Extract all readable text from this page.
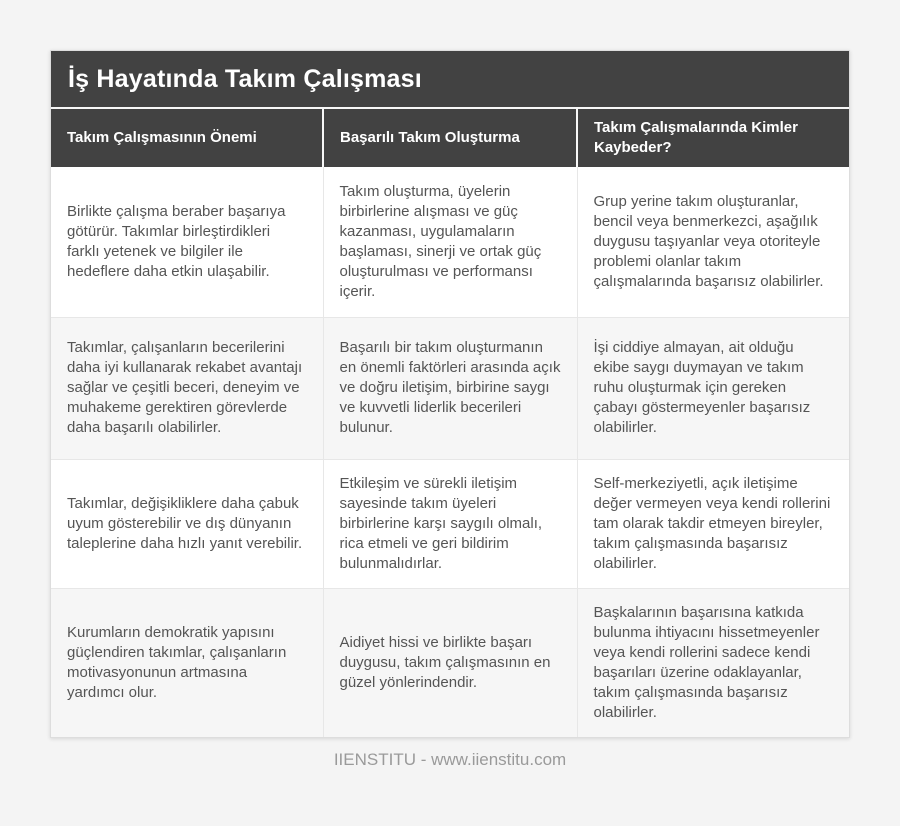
İş Hayatında Takım Çalışması
Takım Çalışmasının Önemi	Başarılı Takım Oluşturma	Takım Çalışmalarında Kimler Kaybeder?
Birlikte çalışma beraber başarıya götürür. Takımlar birleştirdikleri farklı yetenek ve bilgiler ile hedeflere daha etkin ulaşabilir.	Takım oluşturma, üyelerin birbirlerine alışması ve güç kazanması, uygulamaların başlaması, sinerji ve ortak güç oluşturulması ve performansı içerir.	Grup yerine takım oluşturanlar, bencil veya benmerkezci, aşağılık duygusu taşıyanlar veya otoriteyle problemi olanlar takım çalışmalarında başarısız olabilirler.
Takımlar, çalışanların becerilerini daha iyi kullanarak rekabet avantajı sağlar ve çeşitli beceri, deneyim ve muhakeme gerektiren görevlerde daha başarılı olabilirler.	Başarılı bir takım oluşturmanın en önemli faktörleri arasında açık ve doğru iletişim, birbirine saygı ve kuvvetli liderlik becerileri bulunur.	İşi ciddiye almayan, ait olduğu ekibe saygı duymayan ve takım ruhu oluşturmak için gereken çabayı göstermeyenler başarısız olabilirler.
Takımlar, değişikliklere daha çabuk uyum gösterebilir ve dış dünyanın taleplerine daha hızlı yanıt verebilir.	Etkileşim ve sürekli iletişim sayesinde takım üyeleri birbirlerine karşı saygılı olmalı, rica etmeli ve geri bildirim bulunmalıdırlar.	Self-merkeziyetli, açık iletişime değer vermeyen veya kendi rollerini tam olarak takdir etmeyen bireyler, takım çalışmasında başarısız olabilirler.
Kurumların demokratik yapısını güçlendiren takımlar, çalışanların motivasyonunun artmasına yardımcı olur.	Aidiyet hissi ve birlikte başarı duygusu, takım çalışmasının en güzel yönlerindendir.	Başkalarının başarısına katkıda bulunma ihtiyacını hissetmeyenler veya kendi rollerini sadece kendi başarıları üzerine odaklayanlar, takım çalışmasında başarısız olabilirler.
IIENSTITU - www.iienstitu.com
